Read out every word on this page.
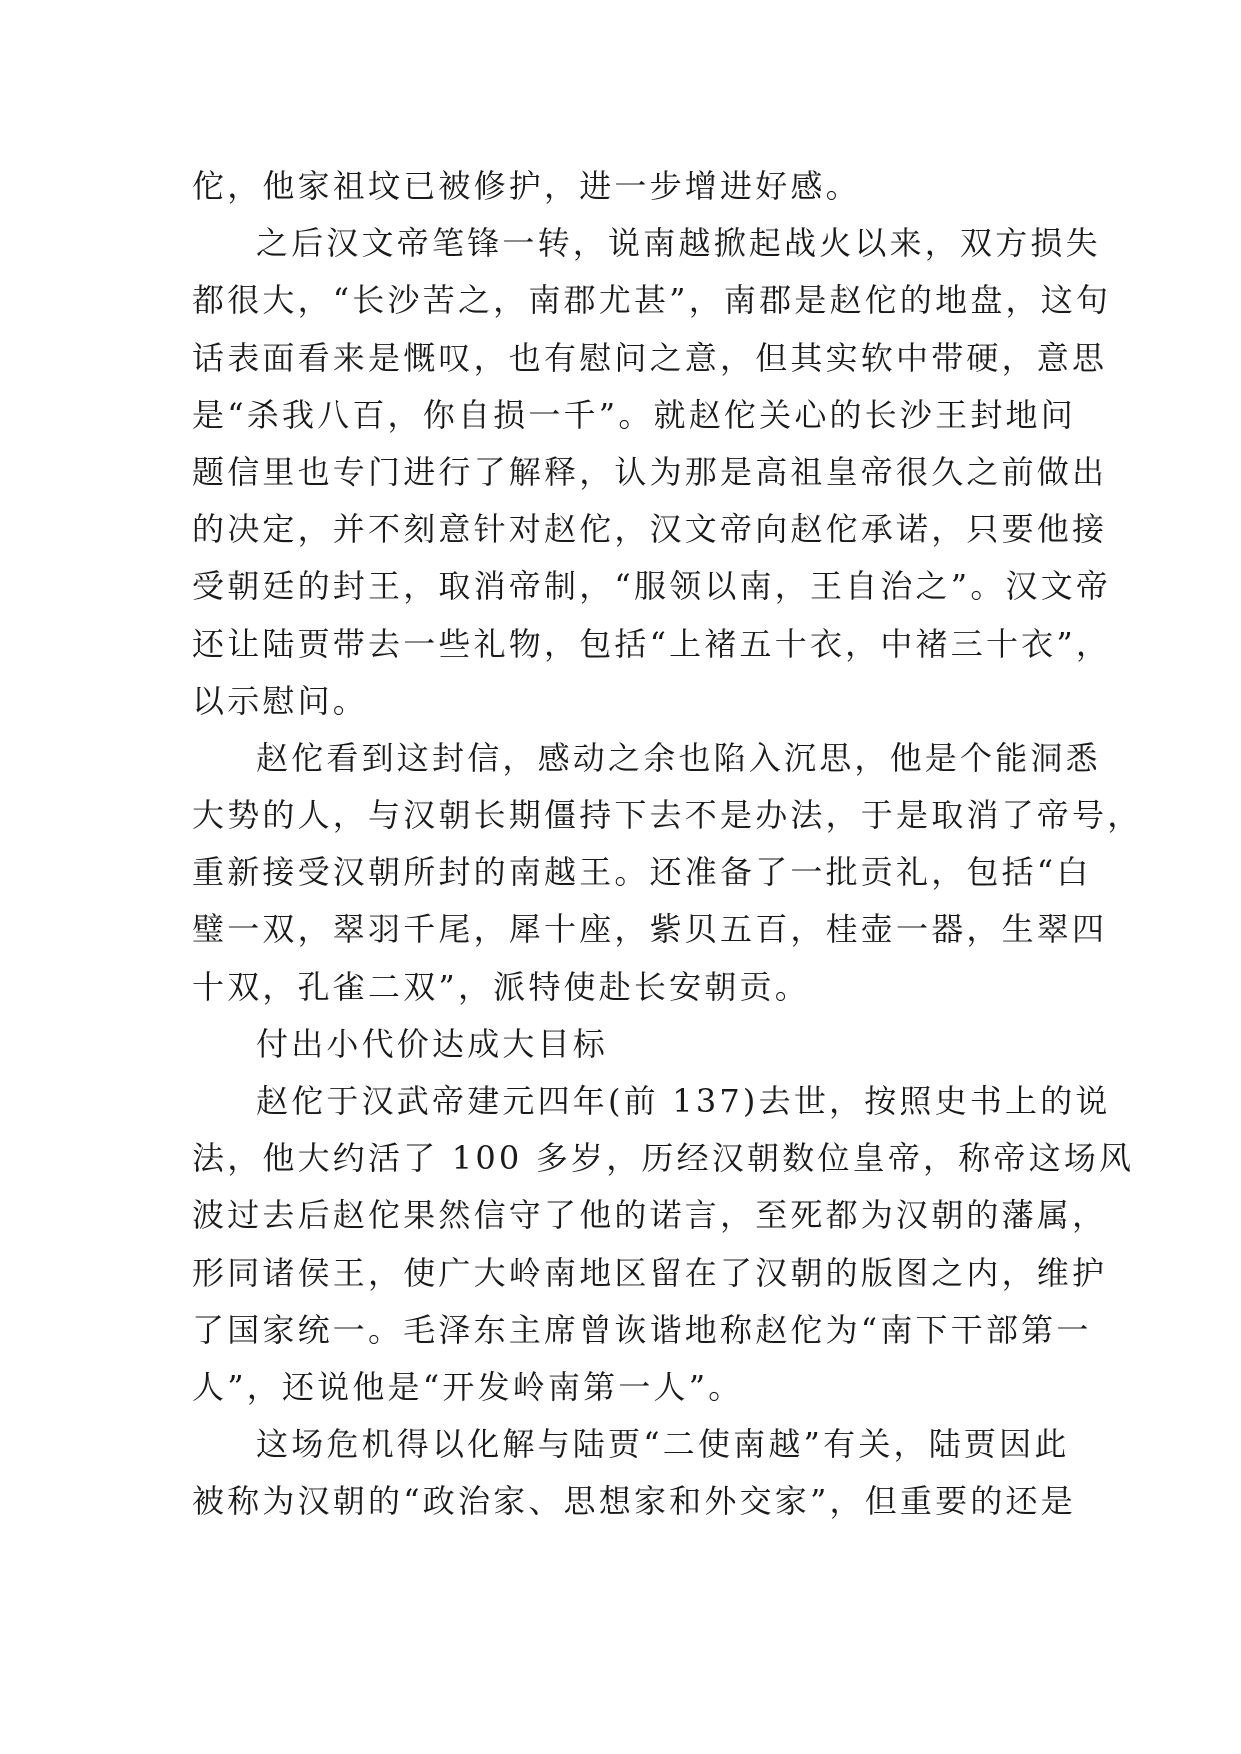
佗，他家祖坟已被修护，进一步增进好感。
之后汉文帝笔锋一转，说南越掀起战火以来，双方损失
都很大，“长沙苦之，南郡尤甚”，南郡是赵佗的地盘，这句
话表面看来是慨叹，也有慰问之意，但其实软中带硬，意思
是“杀我八百，你自损一千”。就赵佗关心的长沙王封地问
题信里也专门进行了解释，认为那是高祖皇帝很久之前做出
的决定，并不刻意针对赵佗，汉文帝向赵佗承诺，只要他接
受朝廷的封王，取消帝制，“服领以南，王自治之”。汉文帝
还让陆贾带去一些礼物，包括“上褚五十衣，中褚三十衣”，
以示慰问。
赵佗看到这封信，感动之余也陷入沉思，他是个能洞悉
大势的人，与汉朝长期僵持下去不是办法，于是取消了帝号，
重新接受汉朝所封的南越王。还准备了一批贡礼，包括“白
璧一双，翠羽千尾，犀十座，紫贝五百，桂壶一器，生翠四
十双，孔雀二双”，派特使赴长安朝贡。
付出小代价达成大目标
赵佗于汉武帝建元四年(前 137)去世，按照史书上的说
法，他大约活了 100 多岁，历经汉朝数位皇帝，称帝这场风
波过去后赵佗果然信守了他的诺言，至死都为汉朝的藩属，
形同诸侯王，使广大岭南地区留在了汉朝的版图之内，维护
了国家统一。毛泽东主席曾诙谐地称赵佗为“南下干部第一
人”，还说他是“开发岭南第一人”。
这场危机得以化解与陆贾“二使南越”有关，陆贾因此
被称为汉朝的“政治家、思想家和外交家”，但重要的还是
